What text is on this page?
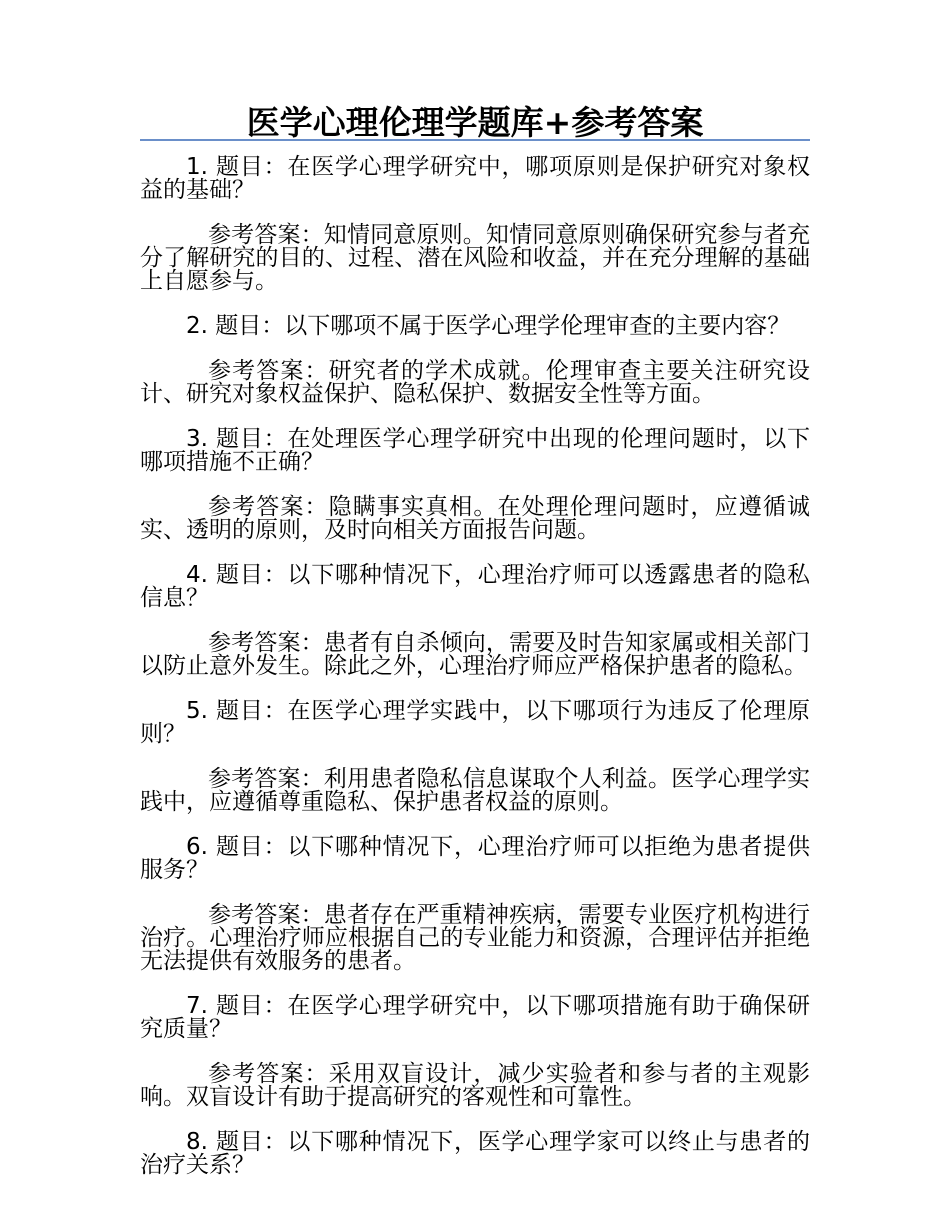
医学心理伦理学题库+参考答案

1. 题目：在医学心理学研究中，哪项原则是保护研究对象权益的基础？

参考答案：知情同意原则。知情同意原则确保研究参与者充分了解研究的目的、过程、潜在风险和收益，并在充分理解的基础上自愿参与。

2. 题目：以下哪项不属于医学心理学伦理审查的主要内容？

参考答案：研究者的学术成就。伦理审查主要关注研究设计、研究对象权益保护、隐私保护、数据安全性等方面。

3. 题目：在处理医学心理学研究中出现的伦理问题时，以下哪项措施不正确？

参考答案：隐瞒事实真相。在处理伦理问题时，应遵循诚实、透明的原则，及时向相关方面报告问题。

4. 题目：以下哪种情况下，心理治疗师可以透露患者的隐私信息？

参考答案：患者有自杀倾向，需要及时告知家属或相关部门以防止意外发生。除此之外，心理治疗师应严格保护患者的隐私。

5. 题目：在医学心理学实践中，以下哪项行为违反了伦理原则？

参考答案：利用患者隐私信息谋取个人利益。医学心理学实践中，应遵循尊重隐私、保护患者权益的原则。

6. 题目：以下哪种情况下，心理治疗师可以拒绝为患者提供服务？

参考答案：患者存在严重精神疾病，需要专业医疗机构进行治疗。心理治疗师应根据自己的专业能力和资源，合理评估并拒绝无法提供有效服务的患者。

7. 题目：在医学心理学研究中，以下哪项措施有助于确保研究质量？

参考答案：采用双盲设计，减少实验者和参与者的主观影响。双盲设计有助于提高研究的客观性和可靠性。

8. 题目：以下哪种情况下，医学心理学家可以终止与患者的治疗关系？
